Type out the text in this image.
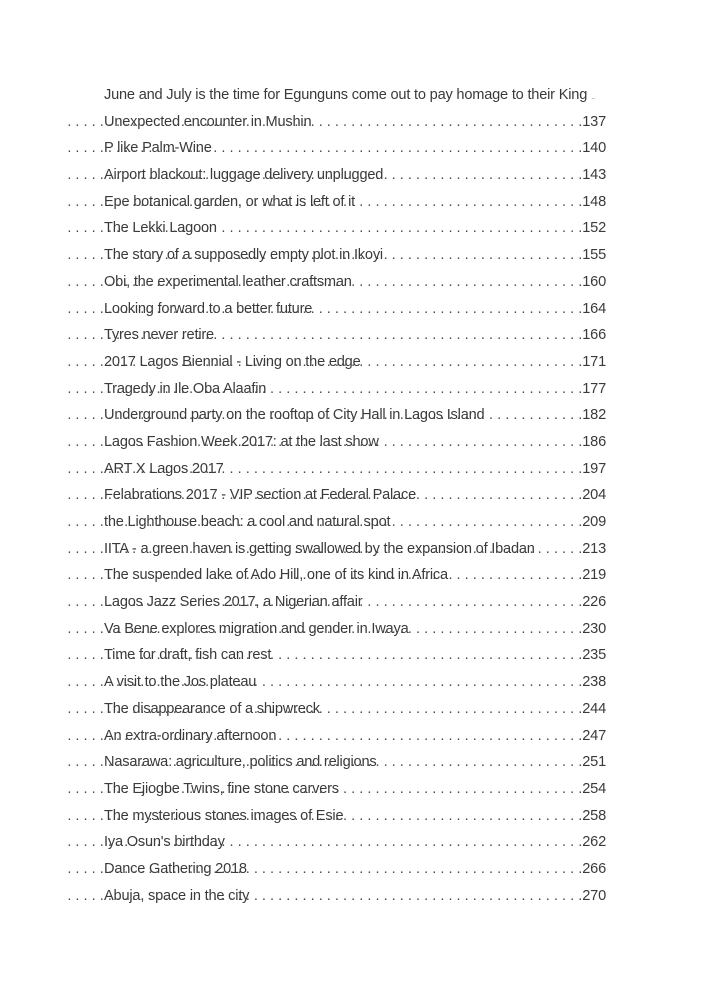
June and July is the time for Egunguns come out to pay homage to their King
..
Unexpected encounter in Mushin . . .	137
P like Palm-Wine . . .	140
Airport blackout: luggage delivery unplugged . . .	143
Epe botanical garden, or what is left of it . . .	148
The Lekki Lagoon . . .	152
The story of a supposedly empty plot in Ikoyi . . .	155
Obi, the experimental leather craftsman . . .	160
Looking forward to a better future . . .	164
Tyres never retire . . .	166
2017 Lagos Biennial - Living on the edge . . .	171
Tragedy in Ile Oba Alaafin . . .	177
Underground party on the rooftop of City Hall in Lagos Island . . .	182
Lagos Fashion Week 2017: at the last show . . .	186
ART X Lagos 2017 . . .	197
Felabrations 2017 - VIP section at Federal Palace . . .	204
the Lighthouse beach: a cool and natural spot . . .	209
IITA - a green haven is getting swallowed by the expansion of Ibadan . . .	213
The suspended lake of Ado Hill, one of its kind in Africa . . .	219
Lagos Jazz Series 2017, a Nigerian affair . . .	226
Va Bene explores migration and gender in Iwaya . . .	230
Time for draft, fish can rest . . .	235
A visit to the Jos plateau . . .	238
The disappearance of a shipwreck . . .	244
An extra-ordinary afternoon . . .	247
Nasarawa: agriculture, politics and religions . . .	251
The Ejiogbe Twins, fine stone carvers . . .	254
The mysterious stones images of Esie . . .	258
Iya Osun's birthday . . .	262
Dance Gathering 2018 . . .	266
Abuja, space in the city . . .	270
